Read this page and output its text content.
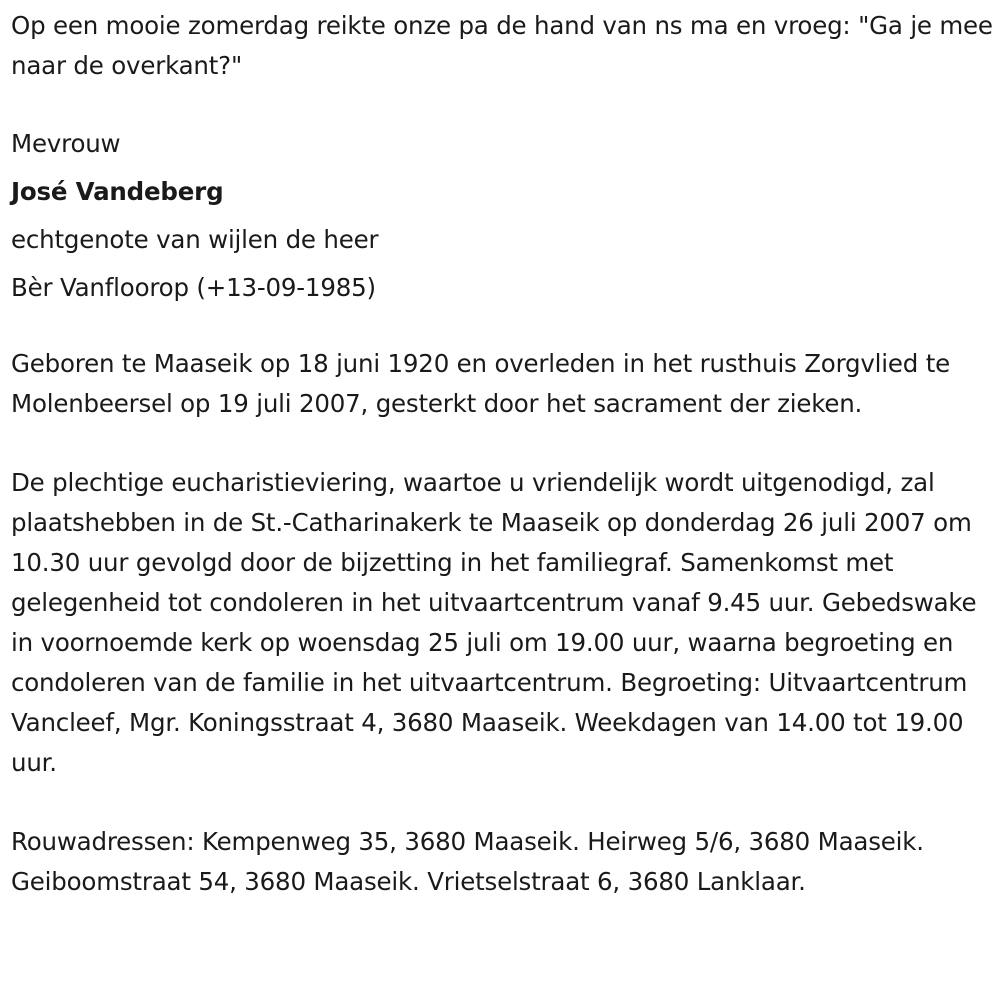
Op een mooie zomerdag reikte onze pa de hand van ns ma en vroeg: "Ga je mee naar de overkant?"

Mevrouw
José Vandeberg
echtgenote van wijlen de heer
Bèr Vanfloorop (+13-09-1985)

Geboren te Maaseik op 18 juni 1920 en overleden in het rusthuis Zorgvlied te Molenbeersel op 19 juli 2007, gesterkt door het sacrament der zieken.

De plechtige eucharistieviering, waartoe u vriendelijk wordt uitgenodigd, zal plaatshebben in de St.-Catharinakerk te Maaseik op donderdag 26 juli 2007 om 10.30 uur gevolgd door de bijzetting in het familiegraf. Samenkomst met gelegenheid tot condoleren in het uitvaartcentrum vanaf 9.45 uur. Gebedswake in voornoemde kerk op woensdag 25 juli om 19.00 uur, waarna begroeting en condoleren van de familie in het uitvaartcentrum. Begroeting: Uitvaartcentrum Vancleef, Mgr. Koningsstraat 4, 3680 Maaseik. Weekdagen van 14.00 tot 19.00 uur.

Rouwadressen: Kempenweg 35, 3680 Maaseik. Heirweg 5/6, 3680 Maaseik. Geiboomstraat 54, 3680 Maaseik. Vrietselstraat 6, 3680 Lanklaar.
